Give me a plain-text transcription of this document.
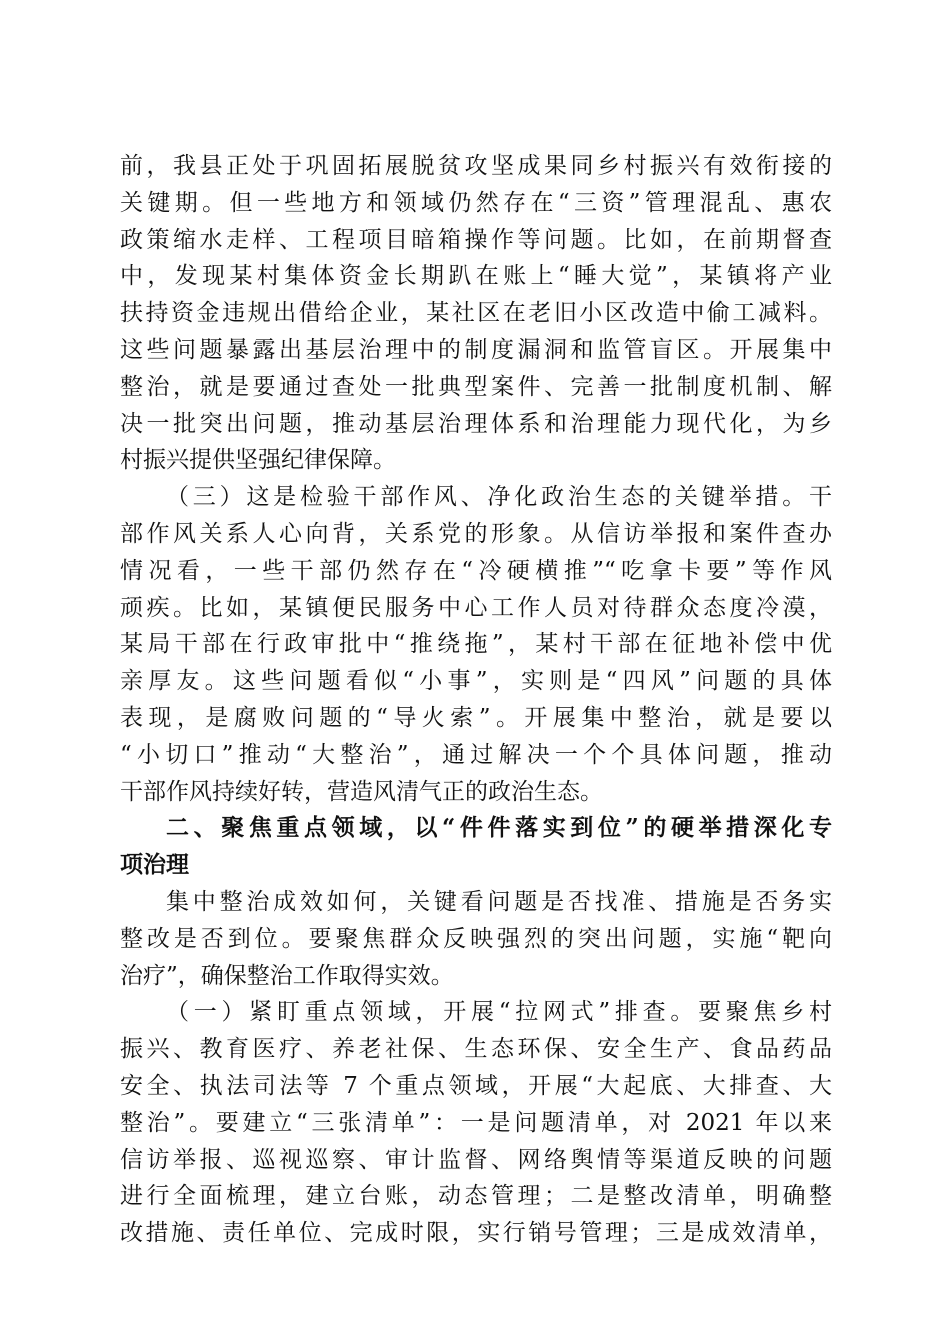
前，我县正处于巩固拓展脱贫攻坚成果同乡村振兴有效衔接的
关键期。但一些地方和领域仍然存在“三资”管理混乱、惠农
政策缩水走样、工程项目暗箱操作等问题。比如，在前期督查
中，发现某村集体资金长期趴在账上“睡大觉”，某镇将产业
扶持资金违规出借给企业，某社区在老旧小区改造中偷工减料。
这些问题暴露出基层治理中的制度漏洞和监管盲区。开展集中
整治，就是要通过查处一批典型案件、完善一批制度机制、解
决一批突出问题，推动基层治理体系和治理能力现代化，为乡
村振兴提供坚强纪律保障。
（三）这是检验干部作风、净化政治生态的关键举措。干
部作风关系人心向背，关系党的形象。从信访举报和案件查办
情况看，一些干部仍然存在“冷硬横推”“吃拿卡要”等作风
顽疾。比如，某镇便民服务中心工作人员对待群众态度冷漠，
某局干部在行政审批中“推绕拖”，某村干部在征地补偿中优
亲厚友。这些问题看似“小事”，实则是“四风”问题的具体
表现，是腐败问题的“导火索”。开展集中整治，就是要以
“小切口”推动“大整治”，通过解决一个个具体问题，推动
干部作风持续好转，营造风清气正的政治生态。
二、聚焦重点领域，以“件件落实到位”的硬举措深化专
项治理
集中整治成效如何，关键看问题是否找准、措施是否务实
整改是否到位。要聚焦群众反映强烈的突出问题，实施“靶向
治疗”，确保整治工作取得实效。
（一）紧盯重点领域，开展“拉网式”排查。要聚焦乡村
振兴、教育医疗、养老社保、生态环保、安全生产、食品药品
安全、执法司法等 7 个重点领域，开展“大起底、大排查、大
整治”。要建立“三张清单”：一是问题清单，对 2021 年以来
信访举报、巡视巡察、审计监督、网络舆情等渠道反映的问题
进行全面梳理，建立台账，动态管理；二是整改清单，明确整
改措施、责任单位、完成时限，实行销号管理；三是成效清单，
